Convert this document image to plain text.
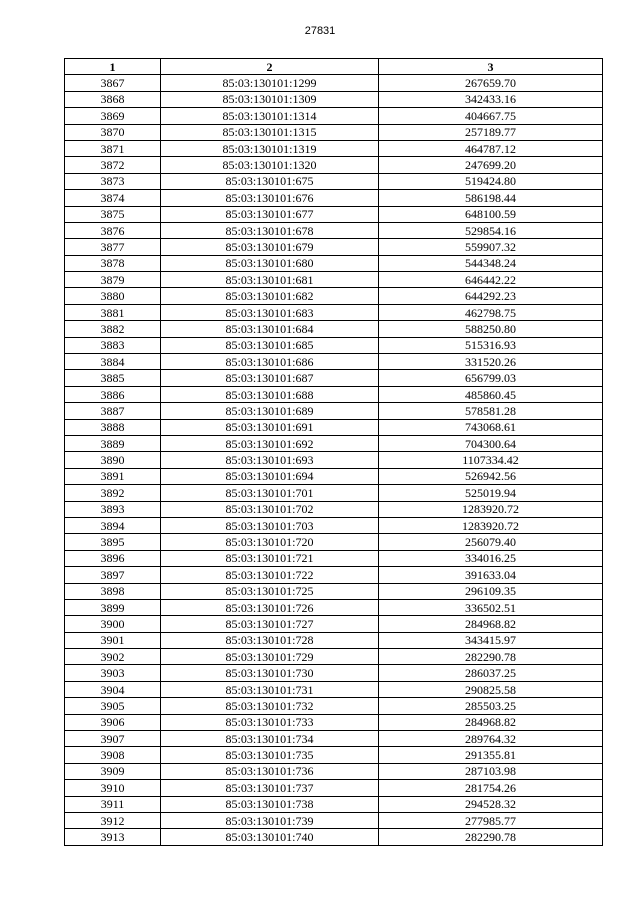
27831
1	2	3
3867	85:03:130101:1299	267659.70
3868	85:03:130101:1309	342433.16
3869	85:03:130101:1314	404667.75
3870	85:03:130101:1315	257189.77
3871	85:03:130101:1319	464787.12
3872	85:03:130101:1320	247699.20
3873	85:03:130101:675	519424.80
3874	85:03:130101:676	586198.44
3875	85:03:130101:677	648100.59
3876	85:03:130101:678	529854.16
3877	85:03:130101:679	559907.32
3878	85:03:130101:680	544348.24
3879	85:03:130101:681	646442.22
3880	85:03:130101:682	644292.23
3881	85:03:130101:683	462798.75
3882	85:03:130101:684	588250.80
3883	85:03:130101:685	515316.93
3884	85:03:130101:686	331520.26
3885	85:03:130101:687	656799.03
3886	85:03:130101:688	485860.45
3887	85:03:130101:689	578581.28
3888	85:03:130101:691	743068.61
3889	85:03:130101:692	704300.64
3890	85:03:130101:693	1107334.42
3891	85:03:130101:694	526942.56
3892	85:03:130101:701	525019.94
3893	85:03:130101:702	1283920.72
3894	85:03:130101:703	1283920.72
3895	85:03:130101:720	256079.40
3896	85:03:130101:721	334016.25
3897	85:03:130101:722	391633.04
3898	85:03:130101:725	296109.35
3899	85:03:130101:726	336502.51
3900	85:03:130101:727	284968.82
3901	85:03:130101:728	343415.97
3902	85:03:130101:729	282290.78
3903	85:03:130101:730	286037.25
3904	85:03:130101:731	290825.58
3905	85:03:130101:732	285503.25
3906	85:03:130101:733	284968.82
3907	85:03:130101:734	289764.32
3908	85:03:130101:735	291355.81
3909	85:03:130101:736	287103.98
3910	85:03:130101:737	281754.26
3911	85:03:130101:738	294528.32
3912	85:03:130101:739	277985.77
3913	85:03:130101:740	282290.78
